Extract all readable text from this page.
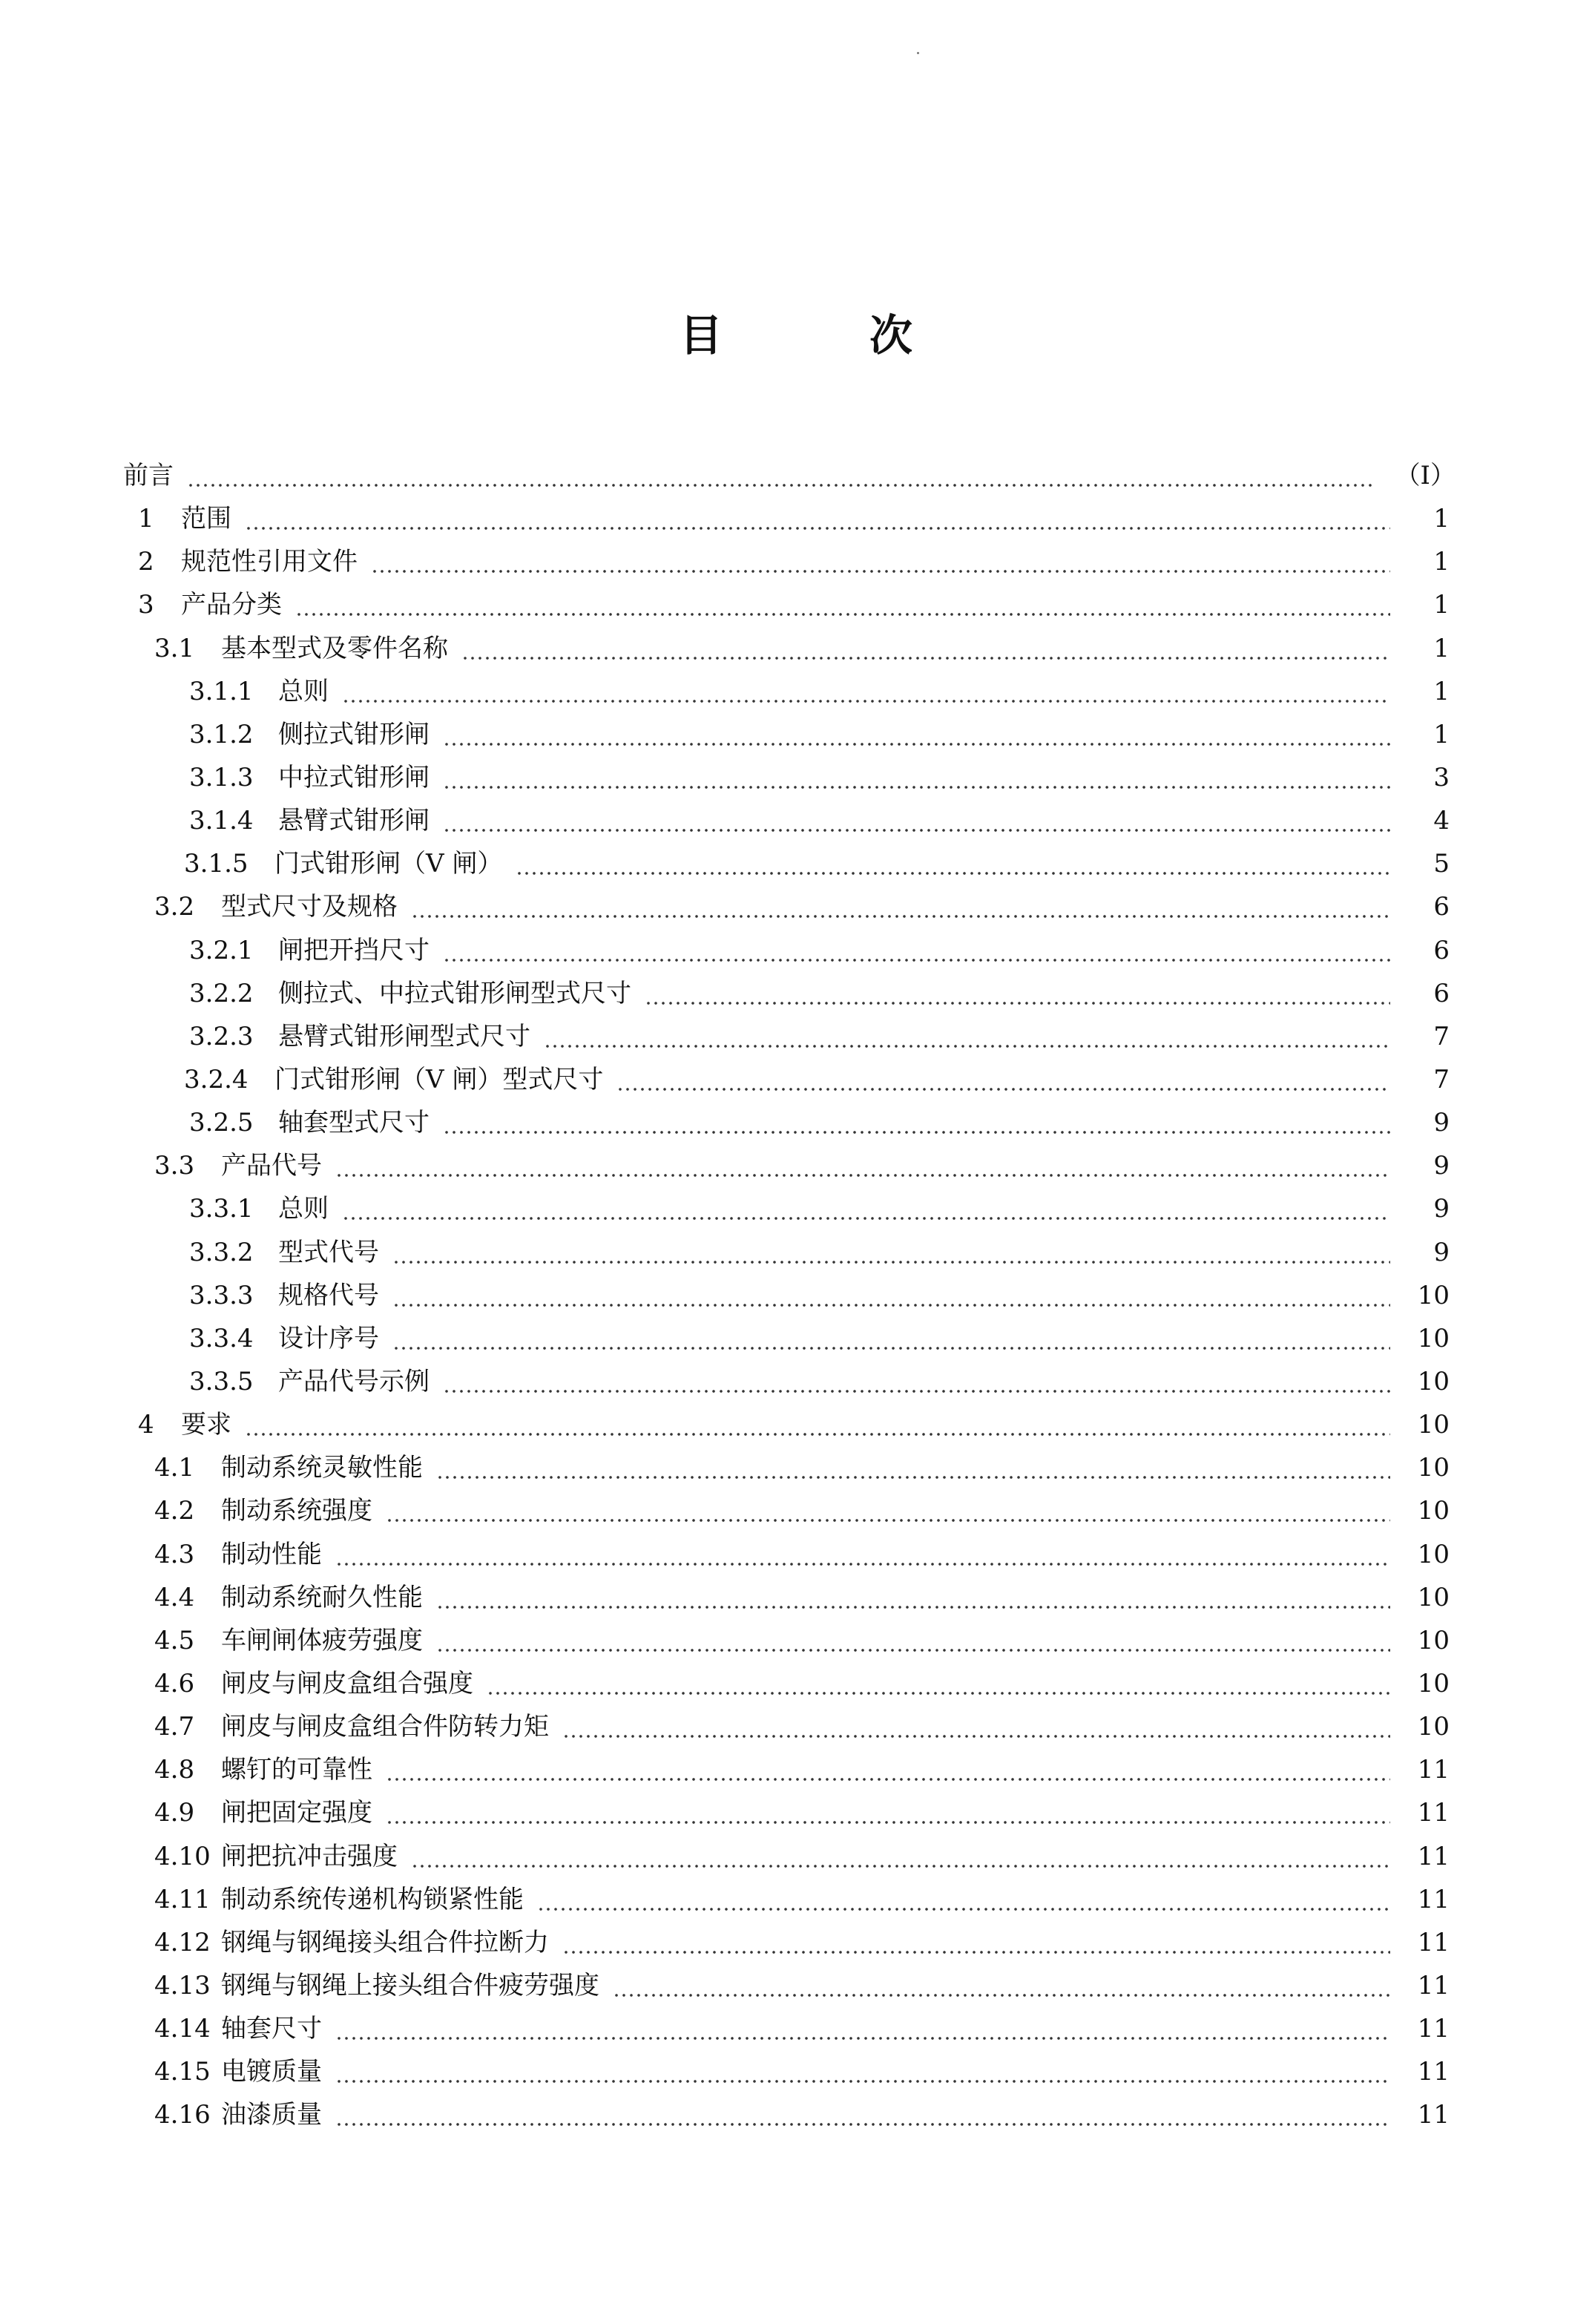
目　次
前言	（Ⅰ）
1	范围	1
2	规范性引用文件	1
3	产品分类	1
3.1	基本型式及零件名称	1
3.1.1 总则	1
3.1.2 侧拉式钳形闸	1
3.1.3 中拉式钳形闸	3
3.1.4 悬臂式钳形闸	4
3.1.5	门式钳形闸（V 闸）	5
3.2	型式尺寸及规格	6
3.2.1 闸把开挡尺寸	6
3.2.2 侧拉式、中拉式钳形闸型式尺寸	6
3.2.3 悬臂式钳形闸型式尺寸	7
3.2.4	门式钳形闸（V 闸）型式尺寸	7
3.2.5 轴套型式尺寸	9
3.3	产品代号	9
3.3.1 总则	9
3.3.2 型式代号	9
3.3.3 规格代号	10
3.3.4 设计序号	10
3.3.5 产品代号示例	10
4	要求	10
4.1	制动系统灵敏性能	10
4.2	制动系统强度	10
4.3	制动性能	10
4.4	制动系统耐久性能	10
4.5	车闸闸体疲劳强度	10
4.6	闸皮与闸皮盒组合强度	10
4.7	闸皮与闸皮盒组合件防转力矩	10
4.8	螺钉的可靠性	11
4.9	闸把固定强度	11
4.10 闸把抗冲击强度	11
4.11 制动系统传递机构锁紧性能	11
4.12 钢绳与钢绳接头组合件拉断力	11
4.13 钢绳与钢绳上接头组合件疲劳强度	11
4.14 轴套尺寸	11
4.15 电镀质量	11
4.16 油漆质量	11
